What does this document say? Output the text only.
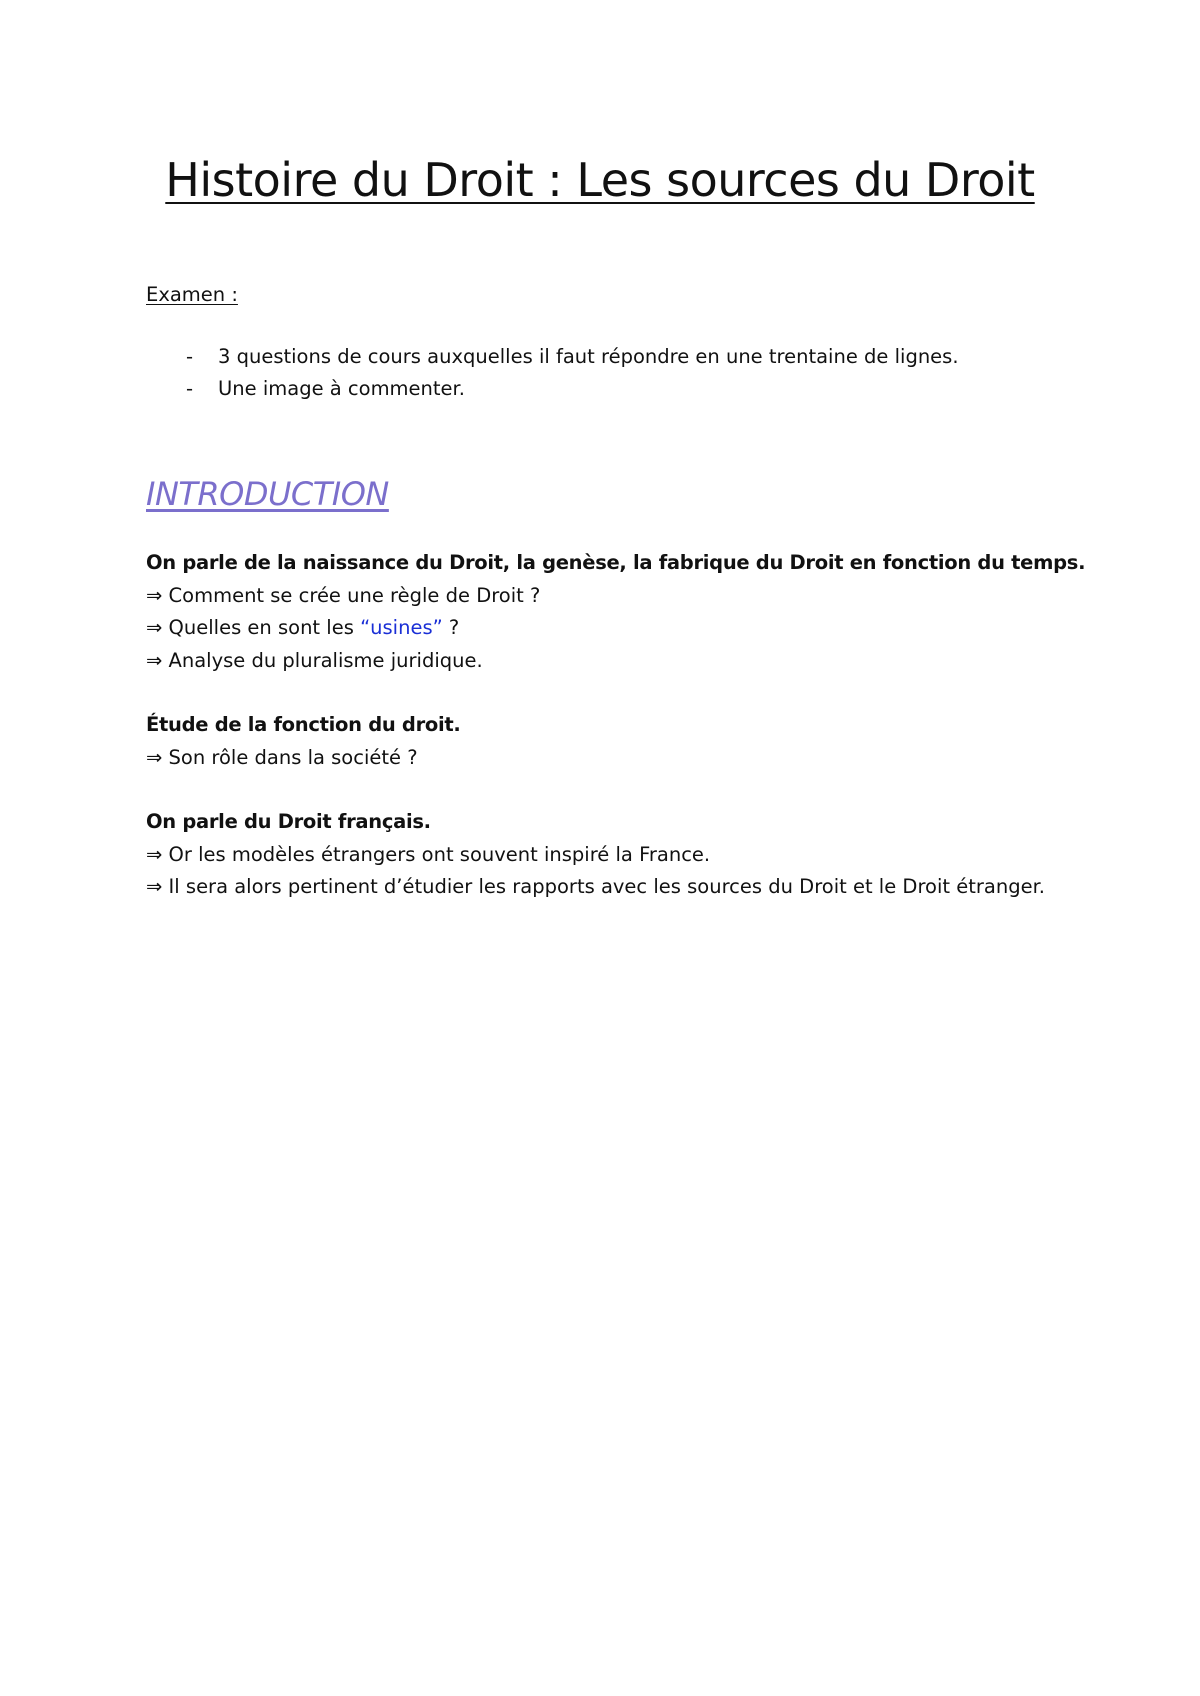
Histoire du Droit : Les sources du Droit
Examen :
- 3 questions de cours auxquelles il faut répondre en une trentaine de lignes.
- Une image à commenter.
INTRODUCTION
On parle de la naissance du Droit, la genèse, la fabrique du Droit en fonction du temps.
⇒ Comment se crée une règle de Droit ?
⇒ Quelles en sont les “usines” ?
⇒ Analyse du pluralisme juridique.
Étude de la fonction du droit.
⇒ Son rôle dans la société ?
On parle du Droit français.
⇒ Or les modèles étrangers ont souvent inspiré la France.
⇒ Il sera alors pertinent d’étudier les rapports avec les sources du Droit et le Droit étranger.
